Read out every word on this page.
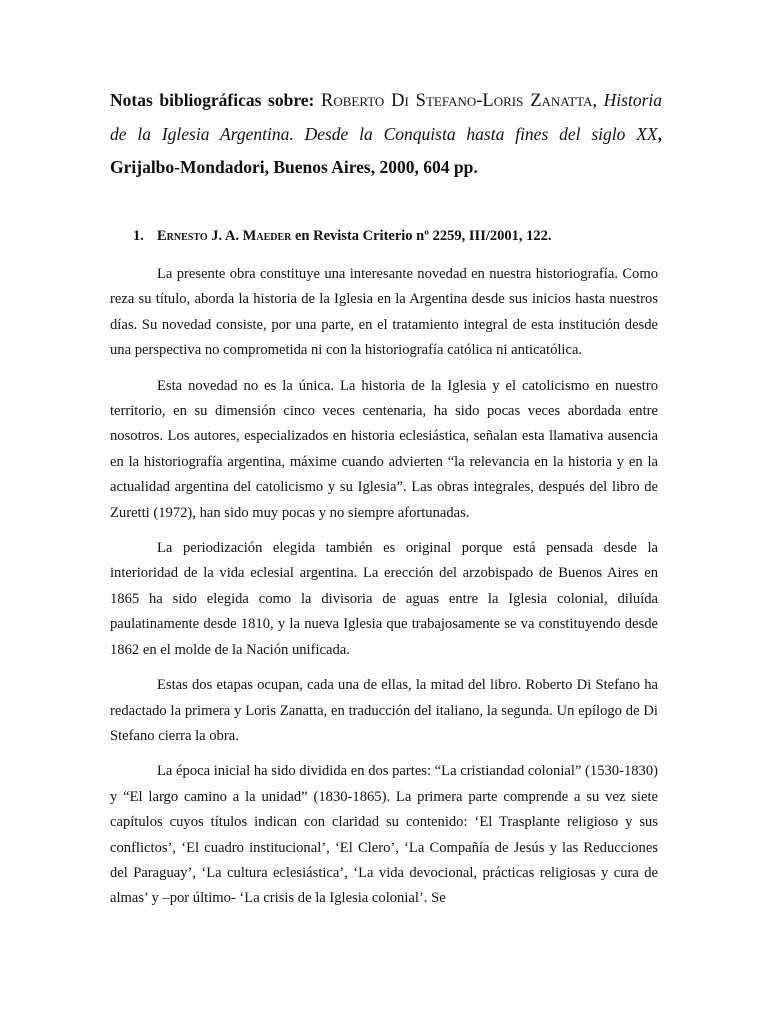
Notas bibliográficas sobre: Roberto Di Stefano-Loris Zanatta, Historia de la Iglesia Argentina. Desde la Conquista hasta fines del siglo XX, Grijalbo-Mondadori, Buenos Aires, 2000, 604 pp.
1. Ernesto J. A. Maeder en Revista Criterio nº 2259, III/2001, 122.

La presente obra constituye una interesante novedad en nuestra historiografía. Como reza su título, aborda la historia de la Iglesia en la Argentina desde sus inicios hasta nuestros días. Su novedad consiste, por una parte, en el tratamiento integral de esta institución desde una perspectiva no comprometida ni con la historiografía católica ni anticatólica.

Esta novedad no es la única. La historia de la Iglesia y el catolicismo en nuestro territorio, en su dimensión cinco veces centenaria, ha sido pocas veces abordada entre nosotros. Los autores, especializados en historia eclesiástica, señalan esta llamativa ausencia en la historiografía argentina, máxime cuando advierten “la relevancia en la historia y en la actualidad argentina del catolicismo y su Iglesia”. Las obras integrales, después del libro de Zuretti (1972), han sido muy pocas y no siempre afortunadas.

La periodización elegida también es original porque está pensada desde la interioridad de la vida eclesial argentina. La erección del arzobispado de Buenos Aires en 1865 ha sido elegida como la divisoria de aguas entre la Iglesia colonial, diluída paulatinamente desde 1810, y la nueva Iglesia que trabajosamente se va constituyendo desde 1862 en el molde de la Nación unificada.

Estas dos etapas ocupan, cada una de ellas, la mitad del libro. Roberto Di Stefano ha redactado la primera y Loris Zanatta, en traducción del italiano, la segunda. Un epílogo de Di Stefano cierra la obra.

La época inicial ha sido dividida en dos partes: “La cristiandad colonial” (1530-1830) y “El largo camino a la unidad” (1830-1865). La primera parte comprende a su vez siete capítulos cuyos títulos indican con claridad su contenido: ‘El Trasplante religioso y sus conflictos’, ‘El cuadro institucional’, ‘El Clero’, ‘La Compañía de Jesús y las Reducciones del Paraguay’, ‘La cultura eclesiástica’, ‘La vida devocional, prácticas religiosas y cura de almas’ y –por último- ‘La crisis de la Iglesia colonial’. Se
